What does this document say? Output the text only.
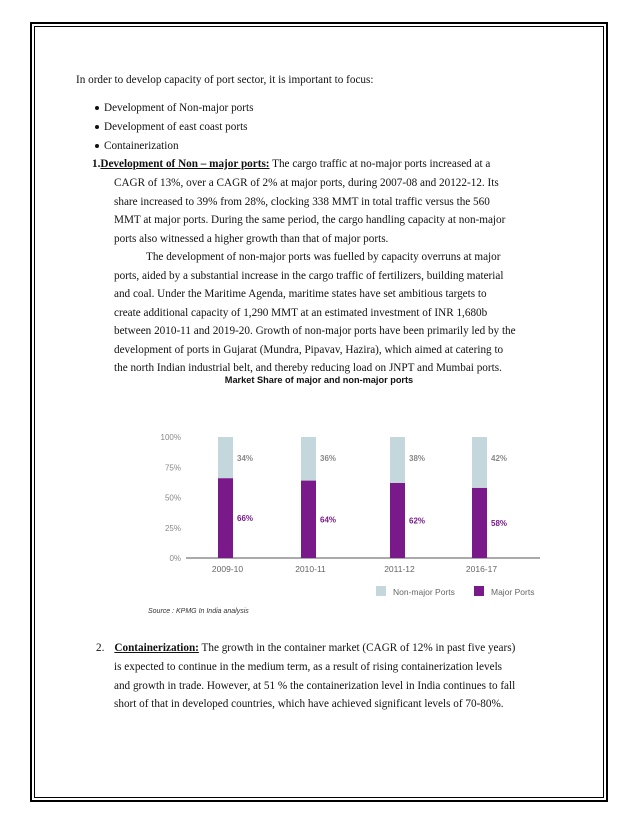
In order to develop capacity of port sector, it is important to focus:
Development of Non-major ports
Development of east coast ports
Containerization
1.Development of Non – major ports: The cargo traffic at no-major ports increased at a
CAGR of 13%, over a CAGR of 2% at major ports, during 2007-08 and 20122-12. Its
share increased to 39% from 28%, clocking 338 MMT in total traffic versus the 560
MMT at major ports. During the same period, the cargo handling capacity at non-major
ports also witnessed a higher growth than that of major ports.
The development of non-major ports was fuelled by capacity overruns at major
ports, aided by a substantial increase in the cargo traffic of fertilizers, building material
and coal. Under the Maritime Agenda, maritime states have set ambitious targets to
create additional capacity of 1,290 MMT at an estimated investment of INR 1,680b
between 2010-11 and 2019-20. Growth of non-major ports have been primarily led by the
development of ports in Gujarat (Mundra, Pipavav, Hazira), which aimed at catering to
Market Share of major and non-major ports
0%
25%
50%
75%
100%
66%
34%
2009-10
64%
36%
2010-11
62%
38%
2011-12
58%
42%
2016-17
Non-major Ports	Major Ports
Source : KPMG In India analysis
2. Containerization: The growth in the container market (CAGR of 12% in past five years)
is expected to continue in the medium term, as a result of rising containerization levels
and growth in trade. However, at 51 % the containerization level in India continues to fall
short of that in developed countries, which have achieved significant levels of 70-80%.
the north Indian industrial belt, and thereby reducing load on JNPT and Mumbai ports.
